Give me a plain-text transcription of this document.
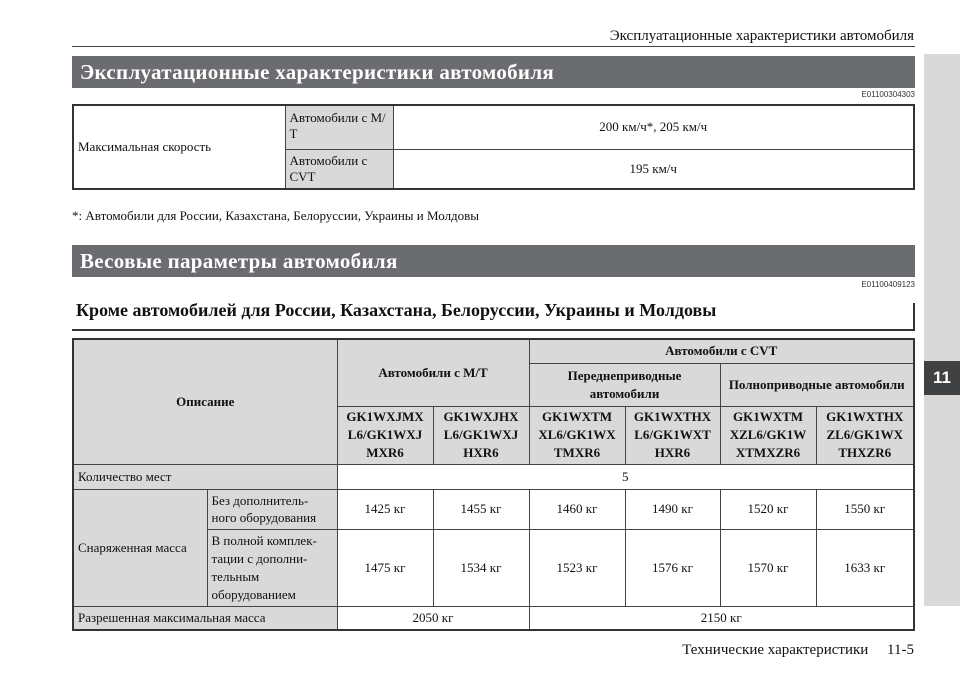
Эксплуатационные характеристики автомобиля
Эксплуатационные характеристики автомобиля
E01100304303
Максимальная скорость	Автомобили с М/Т	200 км/ч*, 205 км/ч
	Автомобили с CVT	195 км/ч
*: Автомобили для России, Казахстана, Белоруссии, Украины и Молдовы
Весовые параметры автомобиля
E01100409123
Кроме автомобилей для России, Казахстана, Белоруссии, Украины и Молдовы
Описание		Автомобили с М/Т		Автомобили с CVT			
				Переднеприводные автомобили		Полноприводные автомобили	
		GK1WXJMX L6/GK1WXJ MXR6	GK1WXJHX L6/GK1WXJ HXR6	GK1WXTM XL6/GK1WX TMXR6	GK1WXTHX L6/GK1WXT HXR6	GK1WXTM XZL6/GK1W XTMXZR6	GK1WXTHX ZL6/GK1WX THXZR6
Количество мест		5					
Снаряженная масса	Без дополнитель-ного оборудования	1425 кг	1455 кг	1460 кг	1490 кг	1520 кг	1550 кг
	В полной комплек-тации с дополни-тельным оборудованием	1475 кг	1534 кг	1523 кг	1576 кг	1570 кг	1633 кг
Разрешенная максимальная масса		2050 кг		2150 кг			
11
Технические характеристики 11-5
